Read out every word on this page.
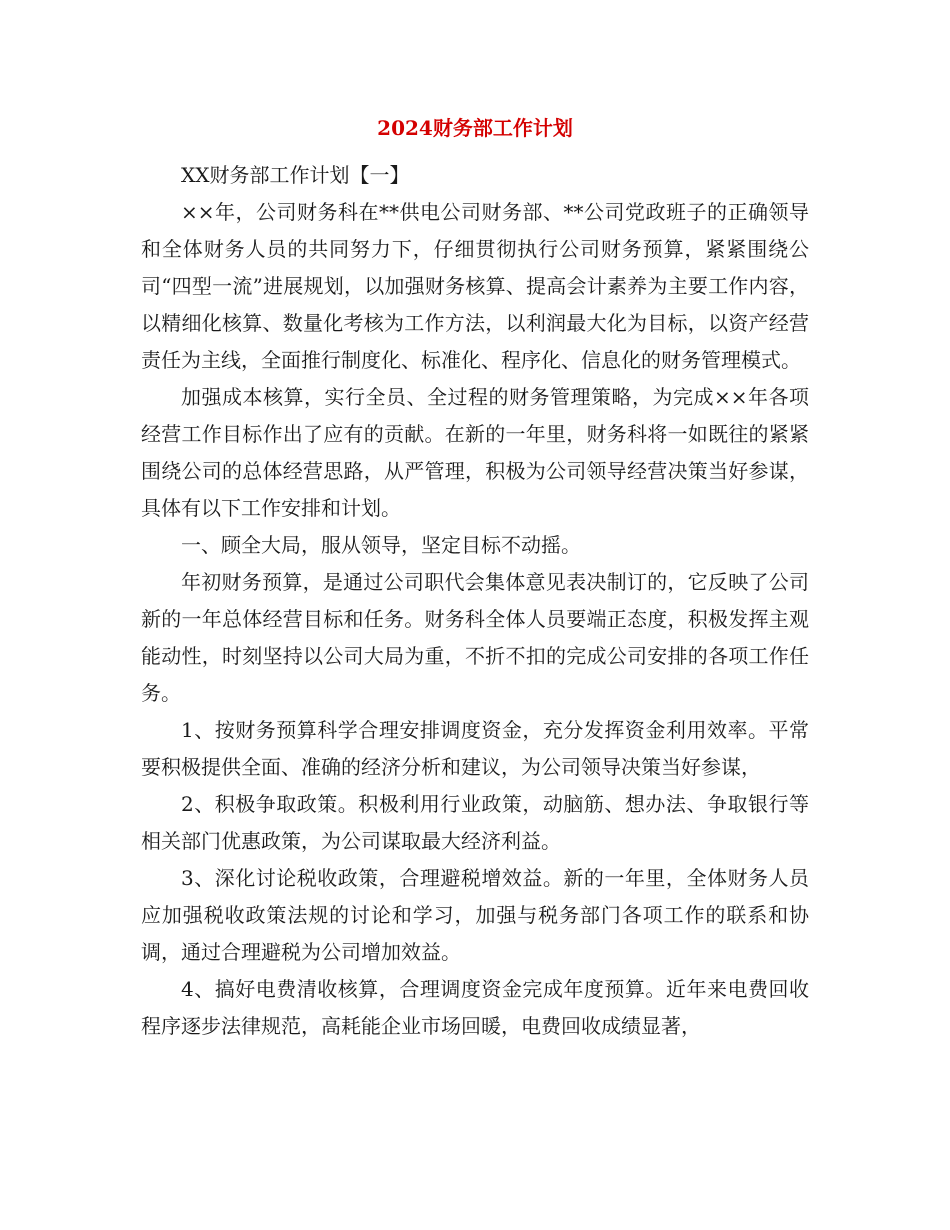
2024财务部工作计划

XX财务部工作计划【一】

××年，公司财务科在**供电公司财务部、**公司党政班子的正确领导和全体财务人员的共同努力下，仔细贯彻执行公司财务预算，紧紧围绕公司“四型一流”进展规划，以加强财务核算、提高会计素养为主要工作内容，以精细化核算、数量化考核为工作方法，以利润最大化为目标，以资产经营责任为主线，全面推行制度化、标准化、程序化、信息化的财务管理模式。

加强成本核算，实行全员、全过程的财务管理策略，为完成××年各项经营工作目标作出了应有的贡献。在新的一年里，财务科将一如既往的紧紧围绕公司的总体经营思路，从严管理，积极为公司领导经营决策当好参谋，具体有以下工作安排和计划。

一、顾全大局，服从领导，坚定目标不动摇。

年初财务预算，是通过公司职代会集体意见表决制订的，它反映了公司新的一年总体经营目标和任务。财务科全体人员要端正态度，积极发挥主观能动性，时刻坚持以公司大局为重，不折不扣的完成公司安排的各项工作任务。

1、按财务预算科学合理安排调度资金，充分发挥资金利用效率。平常要积极提供全面、准确的经济分析和建议，为公司领导决策当好参谋，

2、积极争取政策。积极利用行业政策，动脑筋、想办法、争取银行等相关部门优惠政策，为公司谋取最大经济利益。

3、深化讨论税收政策，合理避税增效益。新的一年里，全体财务人员应加强税收政策法规的讨论和学习，加强与税务部门各项工作的联系和协调，通过合理避税为公司增加效益。

4、搞好电费清收核算，合理调度资金完成年度预算。近年来电费回收程序逐步法律规范，高耗能企业市场回暖，电费回收成绩显著，
